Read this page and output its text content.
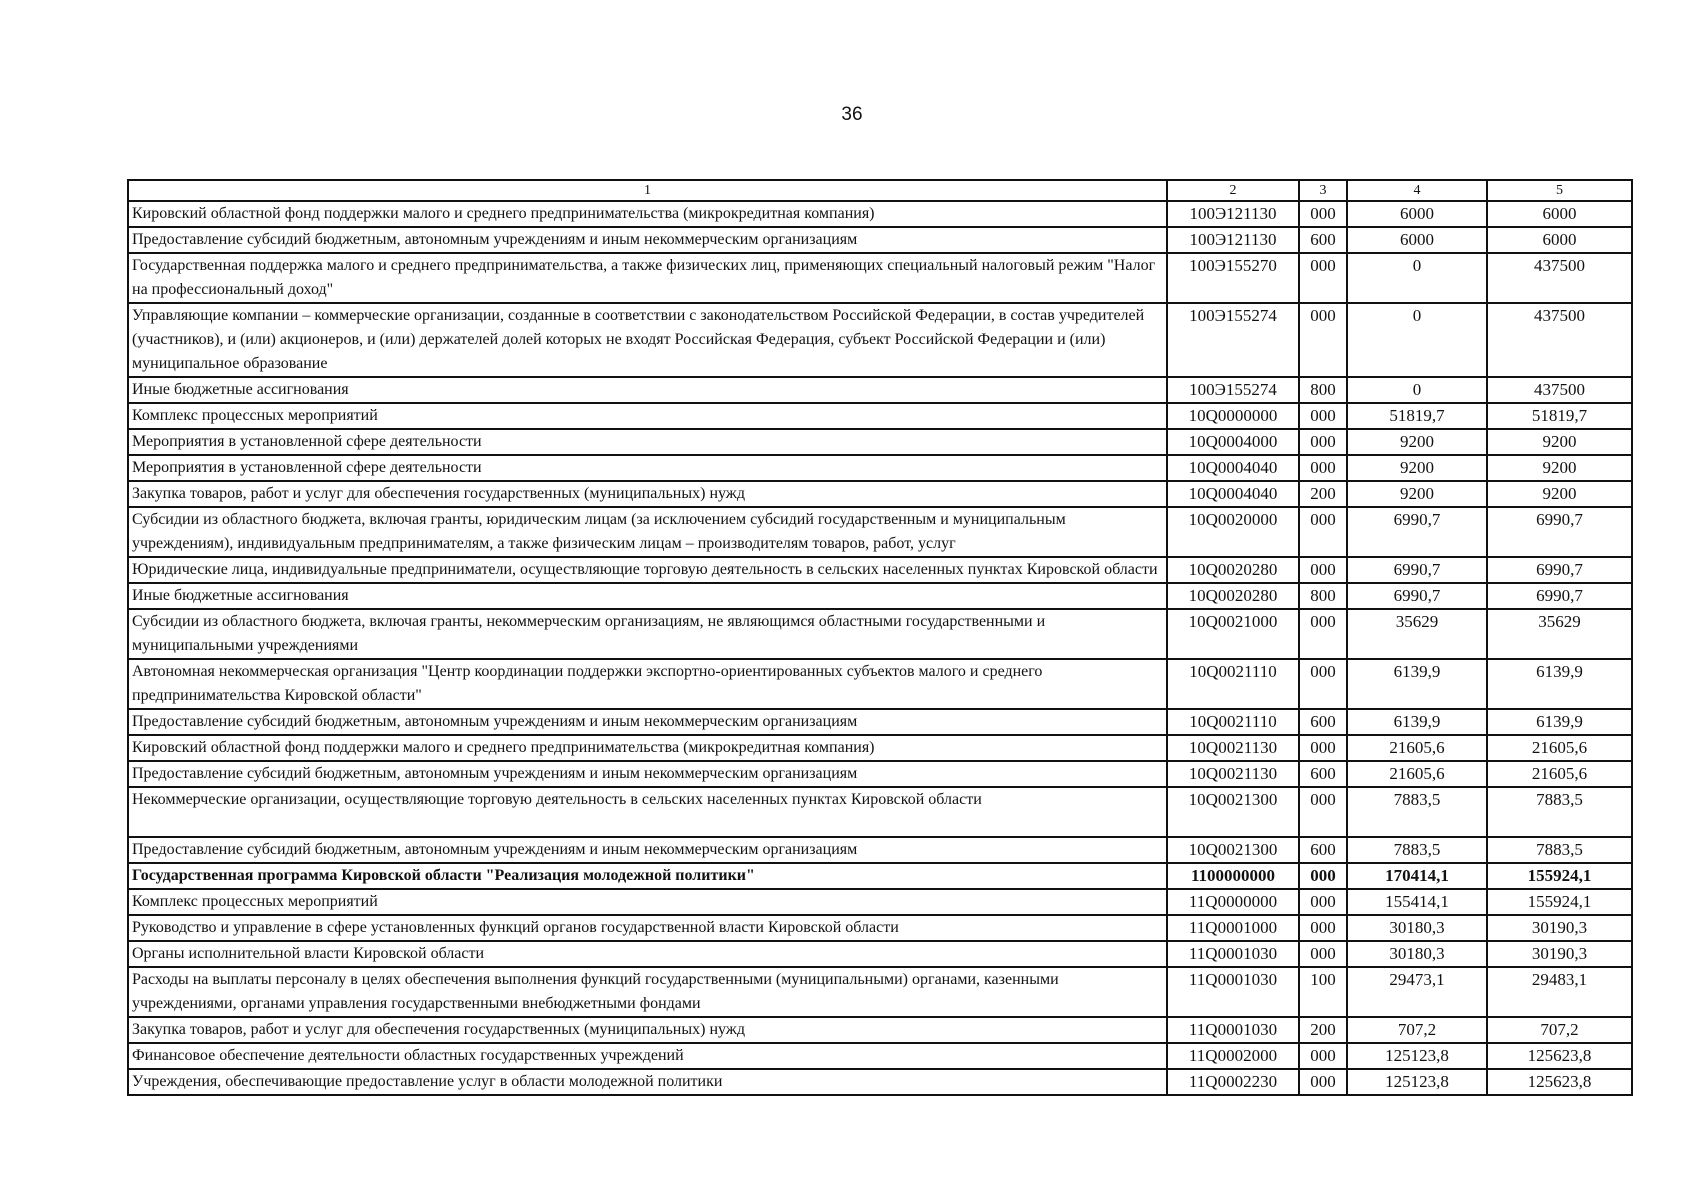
36
1	2	3	4	5
Кировский областной фонд поддержки малого и среднего предпринимательства (микрокредитная компания)	100Э121130	000	6000	6000
Предоставление субсидий бюджетным, автономным учреждениям и иным некоммерческим организациям	100Э121130	600	6000	6000
Государственная поддержка малого и среднего предпринимательства, а также физических лиц, применяющих специальный налоговый режим "Налог на профессиональный доход"	100Э155270	000	0	437500
Управляющие компании – коммерческие организации, созданные в соответствии с законодательством Российской Федерации, в состав учредителей (участников), и (или) акционеров, и (или) держателей долей которых не входят Российская Федерация, субъект Российской Федерации и (или) муниципальное образование	100Э155274	000	0	437500
Иные бюджетные ассигнования	100Э155274	800	0	437500
Комплекс процессных мероприятий	10Q0000000	000	51819,7	51819,7
Мероприятия в установленной сфере деятельности	10Q0004000	000	9200	9200
Мероприятия в установленной сфере деятельности	10Q0004040	000	9200	9200
Закупка товаров, работ и услуг для обеспечения государственных (муниципальных) нужд	10Q0004040	200	9200	9200
Субсидии из областного бюджета, включая гранты, юридическим лицам (за исключением субсидий государственным и муниципальным учреждениям), индивидуальным предпринимателям, а также физическим лицам – производителям товаров, работ, услуг	10Q0020000	000	6990,7	6990,7
Юридические лица, индивидуальные предприниматели, осуществляющие торговую деятельность в сельских населенных пунктах Кировской области	10Q0020280	000	6990,7	6990,7
Иные бюджетные ассигнования	10Q0020280	800	6990,7	6990,7
Субсидии из областного бюджета, включая гранты, некоммерческим организациям, не являющимся областными государственными и муниципальными учреждениями	10Q0021000	000	35629	35629
Автономная некоммерческая организация "Центр координации поддержки экспортно-ориентированных субъектов малого и среднего предпринимательства Кировской области"	10Q0021110	000	6139,9	6139,9
Предоставление субсидий бюджетным, автономным учреждениям и иным некоммерческим организациям	10Q0021110	600	6139,9	6139,9
Кировский областной фонд поддержки малого и среднего предпринимательства (микрокредитная компания)	10Q0021130	000	21605,6	21605,6
Предоставление субсидий бюджетным, автономным учреждениям и иным некоммерческим организациям	10Q0021130	600	21605,6	21605,6
Некоммерческие организации, осуществляющие торговую деятельность в сельских населенных пунктах Кировской области	10Q0021300	000	7883,5	7883,5
Предоставление субсидий бюджетным, автономным учреждениям и иным некоммерческим организациям	10Q0021300	600	7883,5	7883,5
Государственная программа Кировской области "Реализация молодежной политики"	1100000000	000	170414,1	155924,1
Комплекс процессных мероприятий	11Q0000000	000	155414,1	155924,1
Руководство и управление в сфере установленных функций органов государственной власти Кировской области	11Q0001000	000	30180,3	30190,3
Органы исполнительной власти Кировской области	11Q0001030	000	30180,3	30190,3
Расходы на выплаты персоналу в целях обеспечения выполнения функций государственными (муниципальными) органами, казенными учреждениями, органами управления государственными внебюджетными фондами	11Q0001030	100	29473,1	29483,1
Закупка товаров, работ и услуг для обеспечения государственных (муниципальных) нужд	11Q0001030	200	707,2	707,2
Финансовое обеспечение деятельности областных государственных учреждений	11Q0002000	000	125123,8	125623,8
Учреждения, обеспечивающие предоставление услуг в области молодежной политики	11Q0002230	000	125123,8	125623,8
